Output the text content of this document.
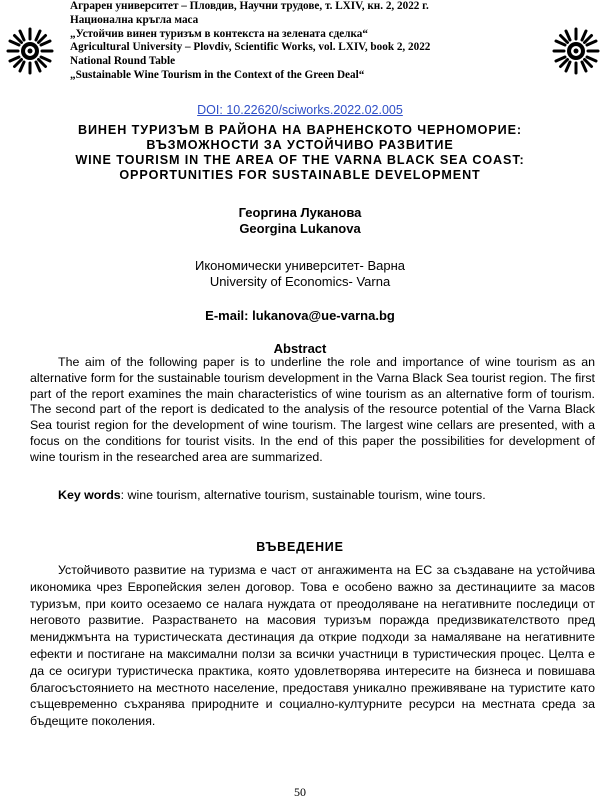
Аграрен университет – Пловдив, Научни трудове, т. LXIV, кн. 2, 2022 г.
Национална кръгла маса
„Устойчив винен туризъм в контекста на зелената сделка“
Agricultural University – Plovdiv, Scientific Works, vol. LXIV, book 2, 2022
National Round Table
„Sustainable Wine Tourism in the Context of the Green Deal“
DOI: 10.22620/sciworks.2022.02.005
ВИНЕН ТУРИЗЪМ В РАЙОНА НА ВАРНЕНСКОТО ЧЕРНОМОРИЕ:
ВЪЗМОЖНОСТИ ЗА УСТОЙЧИВО РАЗВИТИЕ
WINE TOURISM IN THE AREA OF THE VARNA BLACK SEA COAST:
OPPORTUNITIES FOR SUSTAINABLE DEVELOPMENT
Георгина Луканова
Georgina Lukanova
Икономически университет- Варна
University of Economics- Varna
E-mail: lukanova@ue-varna.bg
Abstract

The aim of the following paper is to underline the role and importance of wine tourism as an alternative form for the sustainable tourism development in the Varna Black Sea tourist region. The first part of the report examines the main characteristics of wine tourism as an alternative form of tourism. The second part of the report is dedicated to the analysis of the resource potential of the Varna Black Sea tourist region for the development of wine tourism. The largest wine cellars are presented, with a focus on the conditions for tourist visits. In the end of this paper the possibilities for development of wine tourism in the researched area are summarized.

Key words: wine tourism, alternative tourism, sustainable tourism, wine tours.

ВЪВЕДЕНИЕ

Устойчивото развитие на туризма е част от ангажимента на ЕС за създаване на устойчива икономика чрез Европейския зелен договор. Това е особено важно за дестинациите за масов туризъм, при които осезаемо се налага нуждата от преодоляване на негативните последици от неговото развитие. Разрастването на масовия туризъм поражда предизвикателството пред мениджмънта на туристическата дестинация да открие подходи за намаляване на негативните ефекти и постигане на максимални ползи за всички участници в туристическия процес. Целта е да се осигури туристическа практика, която удовлетворява интересите на бизнеса и повишава благосъстоянието на местното население, предоставя уникално преживяване на туристите като същевременно съхранява природните и социално-културните ресурси на местната среда за бъдещите поколения.

50
